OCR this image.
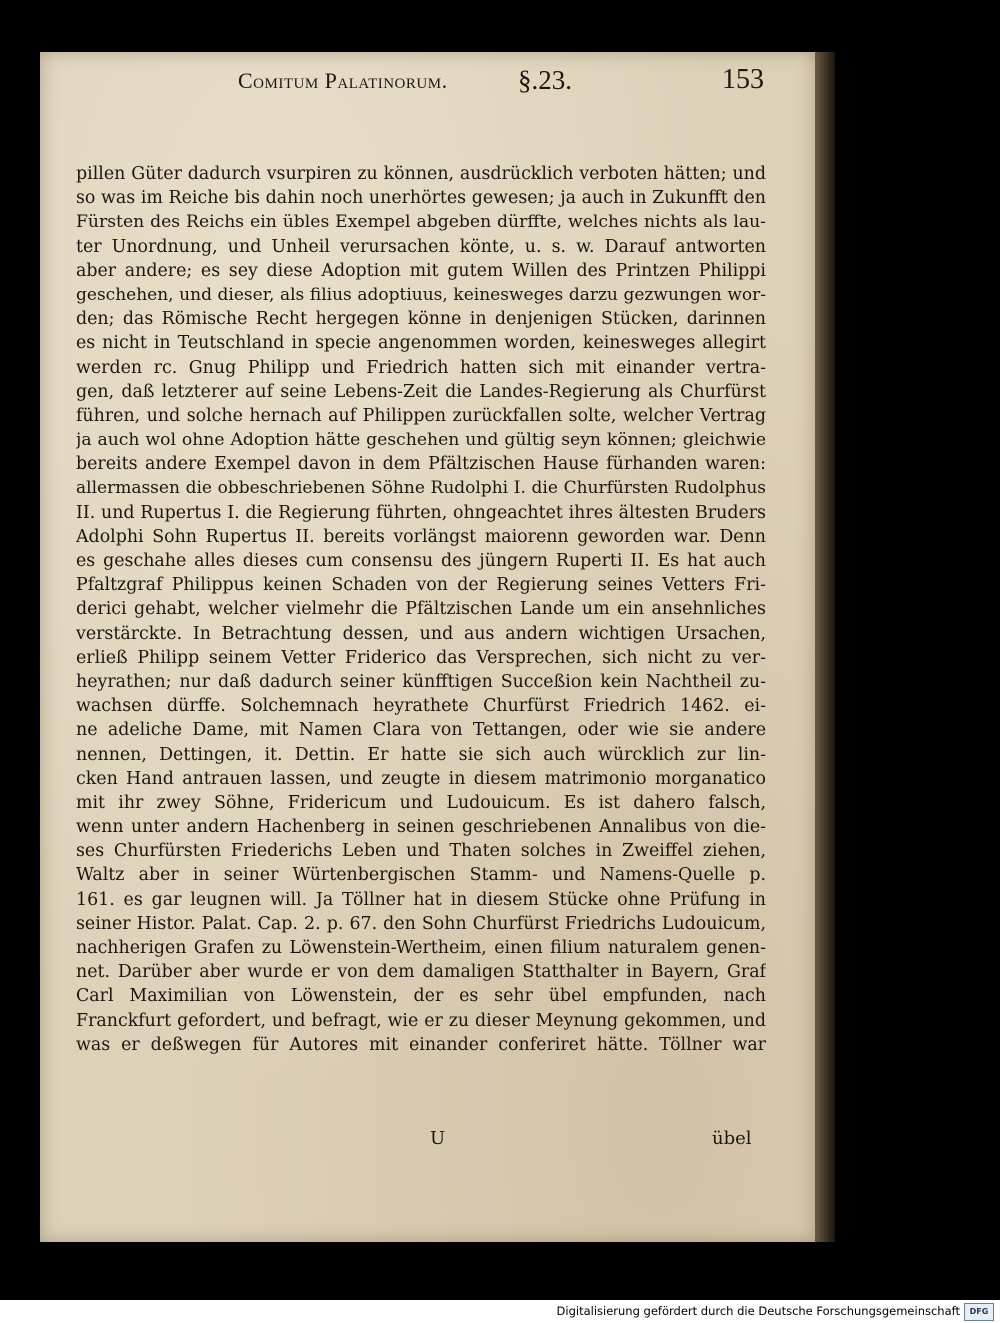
Comitum Palatinorum.	§.23.	153
pillen Güter dadurch vsurpiren zu können, ausdrücklich verboten hätten; und
so was im Reiche bis dahin noch unerhörtes gewesen; ja auch in Zukunfft den
Fürsten des Reichs ein übles Exempel abgeben dürffte, welches nichts als lau-
ter Unordnung, und Unheil verursachen könte, u. s. w. Darauf antworten
aber andere; es sey diese Adoption mit gutem Willen des Printzen Philippi
geschehen, und dieser, als filius adoptiuus, keinesweges darzu gezwungen wor-
den; das Römische Recht hergegen könne in denjenigen Stücken, darinnen
es nicht in Teutschland in specie angenommen worden, keinesweges allegirt
werden rc. Gnug Philipp und Friedrich hatten sich mit einander vertra-
gen, daß letzterer auf seine Lebens-Zeit die Landes-Regierung als Churfürst
führen, und solche hernach auf Philippen zurückfallen solte, welcher Vertrag
ja auch wol ohne Adoption hätte geschehen und gültig seyn können; gleichwie
bereits andere Exempel davon in dem Pfältzischen Hause fürhanden waren:
allermassen die obbeschriebenen Söhne Rudolphi I. die Churfürsten Rudolphus
II. und Rupertus I. die Regierung führten, ohngeachtet ihres ältesten Bruders
Adolphi Sohn Rupertus II. bereits vorlängst maiorenn geworden war. Denn
es geschahe alles dieses cum consensu des jüngern Ruperti II. Es hat auch
Pfaltzgraf Philippus keinen Schaden von der Regierung seines Vetters Fri-
derici gehabt, welcher vielmehr die Pfältzischen Lande um ein ansehnliches
verstärckte. In Betrachtung dessen, und aus andern wichtigen Ursachen,
erließ Philipp seinem Vetter Friderico das Versprechen, sich nicht zu ver-
heyrathen; nur daß dadurch seiner künfftigen Succeßion kein Nachtheil zu-
wachsen dürffe. Solchemnach heyrathete Churfürst Friedrich 1462. ei-
ne adeliche Dame, mit Namen Clara von Tettangen, oder wie sie andere
nennen, Dettingen, it. Dettin. Er hatte sie sich auch würcklich zur lin-
cken Hand antrauen lassen, und zeugte in diesem matrimonio morganatico
mit ihr zwey Söhne, Fridericum und Ludouicum. Es ist dahero falsch,
wenn unter andern Hachenberg in seinen geschriebenen Annalibus von die-
ses Churfürsten Friederichs Leben und Thaten solches in Zweiffel ziehen,
Waltz aber in seiner Würtenbergischen Stamm- und Namens-Quelle p.
161. es gar leugnen will. Ja Töllner hat in diesem Stücke ohne Prüfung in
seiner Histor. Palat. Cap. 2. p. 67. den Sohn Churfürst Friedrichs Ludouicum,
nachherigen Grafen zu Löwenstein-Wertheim, einen filium naturalem genen-
net. Darüber aber wurde er von dem damaligen Statthalter in Bayern, Graf
Carl Maximilian von Löwenstein, der es sehr übel empfunden, nach
Franckfurt gefordert, und befragt, wie er zu dieser Meynung gekommen, und
was er deßwegen für Autores mit einander conferiret hätte. Töllner war
U	übel
Digitalisierung gefördert durch die Deutsche Forschungsgemeinschaft	DFG
